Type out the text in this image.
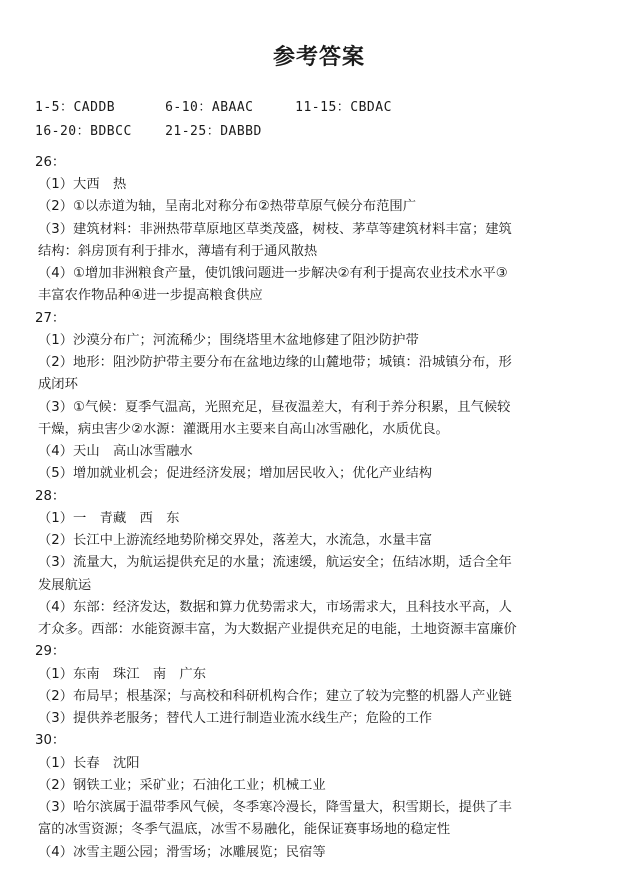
参考答案
1-5：CADDB      6-10：ABAAC     11-15：CBDAC
16-20：BDBCC    21-25：DABBD
26：
（1）大西　热
（2）①以赤道为轴，呈南北对称分布②热带草原气候分布范围广
（3）建筑材料：非洲热带草原地区草类茂盛，树枝、茅草等建筑材料丰富；建筑
结构：斜房顶有利于排水，薄墙有利于通风散热
（4）①增加非洲粮食产量，使饥饿问题进一步解决②有利于提高农业技术水平③
丰富农作物品种④进一步提高粮食供应
27：
（1）沙漠分布广；河流稀少；围绕塔里木盆地修建了阻沙防护带
（2）地形：阻沙防护带主要分布在盆地边缘的山麓地带；城镇：沿城镇分布，形
成闭环
（3）①气候：夏季气温高，光照充足，昼夜温差大，有利于养分积累，且气候较
干燥，病虫害少②水源：灌溉用水主要来自高山冰雪融化，水质优良。
（4）天山　高山冰雪融水
（5）增加就业机会；促进经济发展；增加居民收入；优化产业结构
28：
（1）一　青藏　西　东
（2）长江中上游流经地势阶梯交界处，落差大，水流急，水量丰富
（3）流量大，为航运提供充足的水量；流速缓，航运安全；伍结冰期，适合全年
发展航运
（4）东部：经济发达，数据和算力优势需求大，市场需求大，且科技水平高，人
才众多。西部：水能资源丰富，为大数据产业提供充足的电能，土地资源丰富廉价
29：
（1）东南　珠江　南　广东
（2）布局早；根基深；与高校和科研机构合作；建立了较为完整的机器人产业链
（3）提供养老服务；替代人工进行制造业流水线生产；危险的工作
30：
（1）长春　沈阳
（2）钢铁工业；采矿业；石油化工业；机械工业
（3）哈尔滨属于温带季风气候，冬季寒冷漫长，降雪量大，积雪期长，提供了丰
富的冰雪资源；冬季气温底，冰雪不易融化，能保证赛事场地的稳定性
（4）冰雪主题公园；滑雪场；冰雕展览；民宿等
